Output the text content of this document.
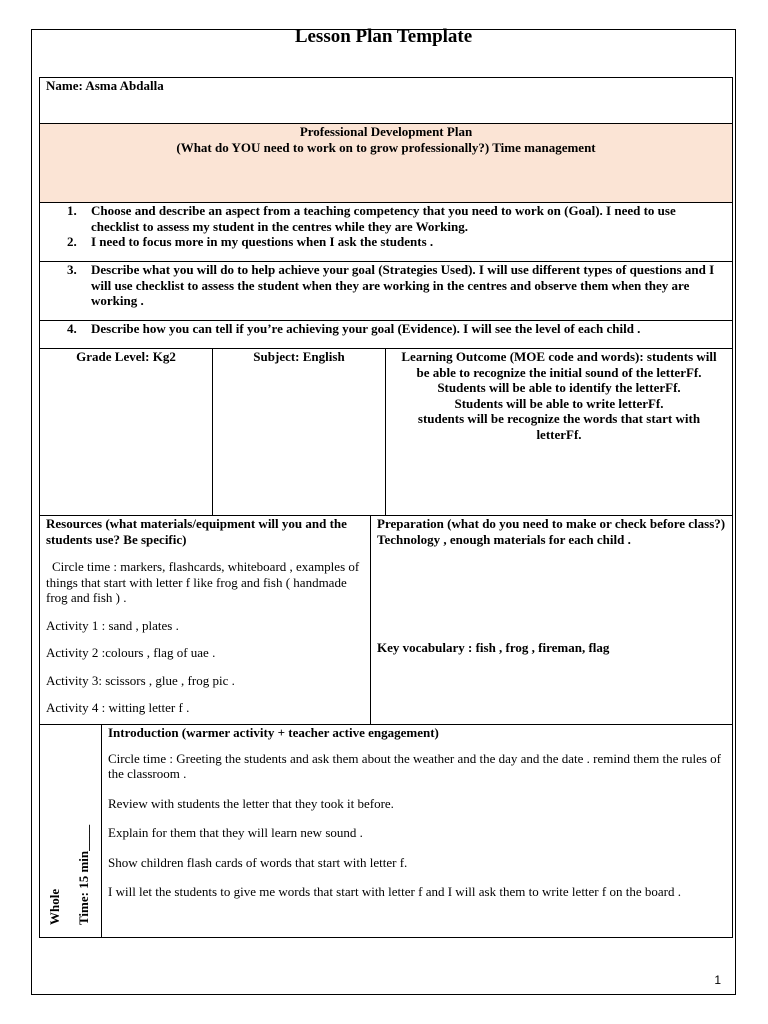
Lesson Plan Template
Name: Asma Abdalla
Professional Development Plan
(What do YOU need to work on to grow professionally?) Time management
1. Choose and describe an aspect from a teaching competency that you need to work on (Goal). I need to use checklist to assess my student in the centres while they are Working.
2. I need to focus more in my questions when I ask the students .
3. Describe what you will do to help achieve your goal (Strategies Used). I will use different types of questions and I will use checklist to assess the student when they are working in the centres and observe them when they are working .
4. Describe how you can tell if you’re achieving your goal (Evidence). I will see the level of each child .
Grade Level: Kg2	Subject: English	Learning Outcome (MOE code and words): students will be able to recognize the initial sound of the letterFf.
Students will be able to identify the letterFf.
Students will be able to write letterFf.
students will be recognize the words that start with letterFf.
Resources (what materials/equipment will you and the students use? Be specific)

Circle time : markers, flashcards, whiteboard , examples of things that start with letter f like frog and fish ( handmade frog and fish ) .

Activity 1 : sand , plates .

Activity 2 :colours , flag of uae .

Activity 3: scissors , glue , frog pic .

Activity 4 : witting letter f .

Preparation (what do you need to make or check before class?) Technology , enough materials for each child .
Key vocabulary : fish , frog , fireman, flag
Whole Time: 15 min____
Introduction (warmer activity + teacher active engagement)

Circle time : Greeting the students and ask them about the weather and the day and the date . remind them the rules of the classroom .

Review with students the letter that they took it before.

Explain for them that they will learn new sound .

Show children flash cards of words that start with letter f.

I will let the students to give me words that start with letter f and I will ask them to write letter f on the board .

1
